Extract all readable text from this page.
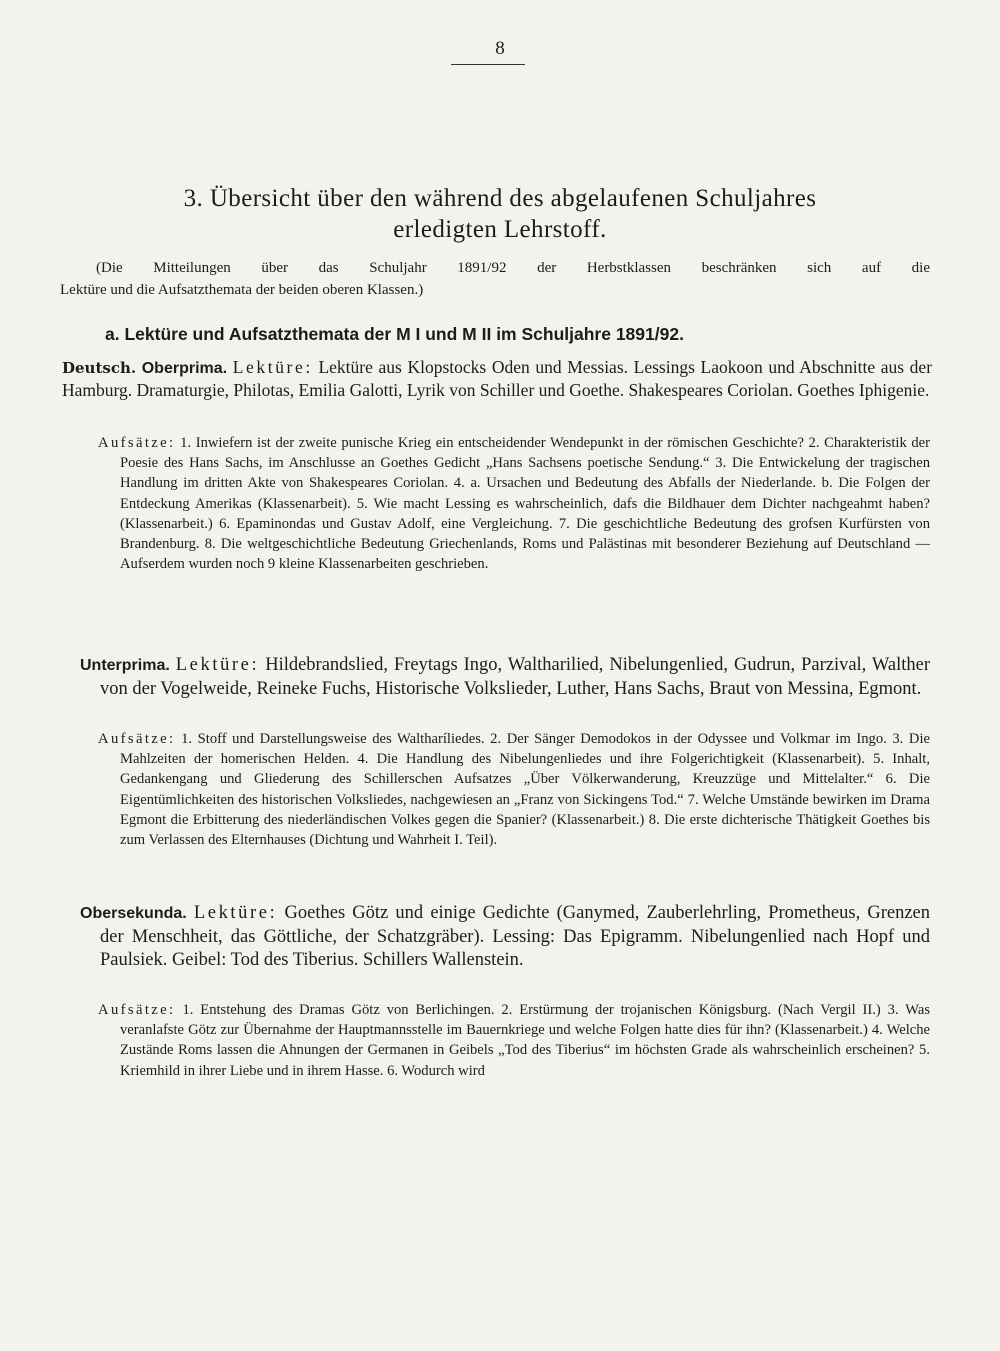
8
3. Übersicht über den während des abgelaufenen Schuljahres
erledigten Lehrstoff.
(Die Mitteilungen über das Schuljahr 1891/92 der Herbstklassen beschränken sich auf die
Lektüre und die Aufsatzthemata der beiden oberen Klassen.)
a. Lektüre und Aufsatzthemata der M I und M II im Schuljahre 1891/92.
Deutsch. Oberprima. Lektüre: Lektüre aus Klopstocks Oden und Messias. Lessings Laokoon und Abschnitte aus der Hamburg. Dramaturgie, Philotas, Emilia Galotti, Lyrik von Schiller und Goethe. Shakespeares Coriolan. Goethes Iphigenie.
Aufsätze: 1. Inwiefern ist der zweite punische Krieg ein entscheidender Wendepunkt in der römischen Geschichte? 2. Charakteristik der Poesie des Hans Sachs, im Anschlusse an Goethes Gedicht „Hans Sachsens poetische Sendung.“ 3. Die Entwickelung der tragischen Handlung im dritten Akte von Shakespeares Coriolan. 4. a. Ursachen und Bedeutung des Abfalls der Niederlande. b. Die Folgen der Entdeckung Amerikas (Klassenarbeit). 5. Wie macht Lessing es wahrscheinlich, dafs die Bildhauer dem Dichter nachgeahmt haben? (Klassenarbeit.) 6. Epaminondas und Gustav Adolf, eine Vergleichung. 7. Die geschichtliche Bedeutung des grofsen Kurfürsten von Brandenburg. 8. Die weltgeschichtliche Bedeutung Griechenlands, Roms und Palästinas mit besonderer Beziehung auf Deutschland — Aufserdem wurden noch 9 kleine Klassenarbeiten geschrieben.
Unterprima. Lektüre: Hildebrandslied, Freytags Ingo, Waltharilied, Nibelungenlied, Gudrun, Parzival, Walther von der Vogelweide, Reineke Fuchs, Historische Volkslieder, Luther, Hans Sachs, Braut von Messina, Egmont.
Aufsätze: 1. Stoff und Darstellungsweise des Waltharíliedes. 2. Der Sänger Demodokos in der Odyssee und Volkmar im Ingo. 3. Die Mahlzeiten der homerischen Helden. 4. Die Handlung des Nibelungenliedes und ihre Folgerichtigkeit (Klassenarbeit). 5. Inhalt, Gedankengang und Gliederung des Schillerschen Aufsatzes „Über Völkerwanderung, Kreuzzüge und Mittelalter.“ 6. Die Eigentümlichkeiten des historischen Volksliedes, nachgewiesen an „Franz von Sickingens Tod.“ 7. Welche Umstände bewirken im Drama Egmont die Erbitterung des niederländischen Volkes gegen die Spanier? (Klassenarbeit.) 8. Die erste dichterische Thätigkeit Goethes bis zum Verlassen des Elternhauses (Dichtung und Wahrheit I. Teil).
Obersekunda. Lektüre: Goethes Götz und einige Gedichte (Ganymed, Zauberlehrling, Prometheus, Grenzen der Menschheit, das Göttliche, der Schatzgräber). Lessing: Das Epigramm. Nibelungenlied nach Hopf und Paulsiek. Geibel: Tod des Tiberius. Schillers Wallenstein.
Aufsätze: 1. Entstehung des Dramas Götz von Berlichingen. 2. Erstürmung der trojanischen Königsburg. (Nach Vergil II.) 3. Was veranlafste Götz zur Übernahme der Hauptmannsstelle im Bauernkriege und welche Folgen hatte dies für ihn? (Klassenarbeit.) 4. Welche Zustände Roms lassen die Ahnungen der Germanen in Geibels „Tod des Tiberius“ im höchsten Grade als wahrscheinlich erscheinen? 5. Kriemhild in ihrer Liebe und in ihrem Hasse. 6. Wodurch wird
